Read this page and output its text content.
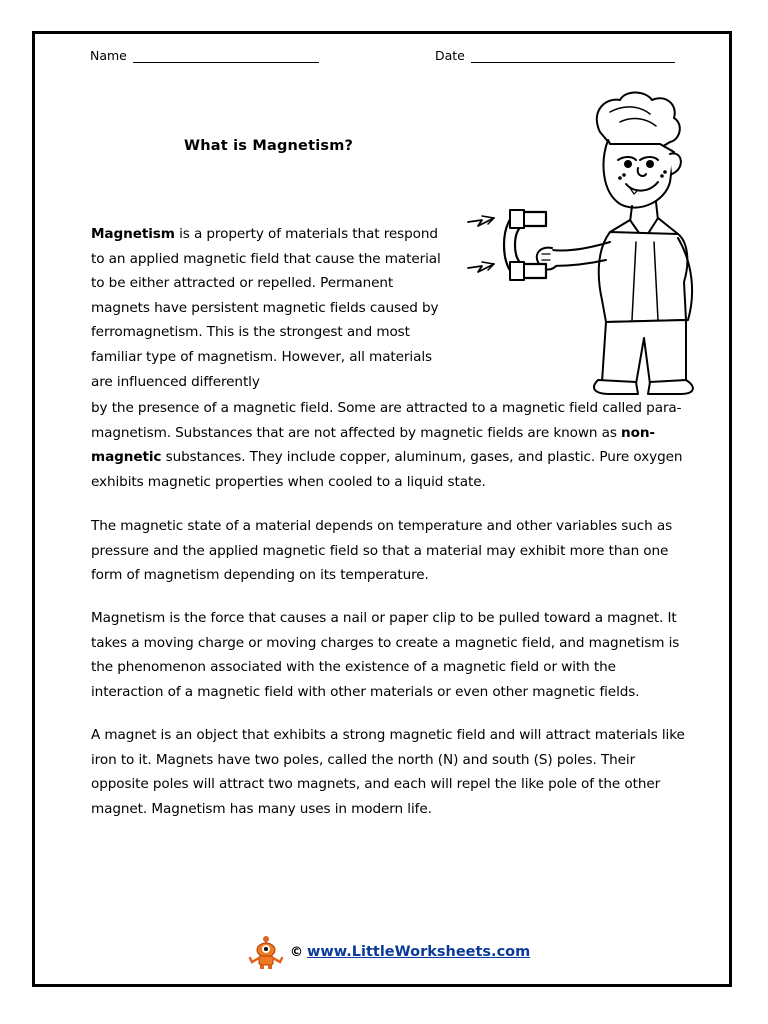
Name	Date
What is Magnetism?

Magnetism is a property of materials that respond to an applied magnetic field that cause the material to be either attracted or repelled. Permanent magnets have persistent magnetic fields caused by ferromagnetism. This is the strongest and most familiar type of magnetism. However, all materials are influenced differently

by the presence of a magnetic field. Some are attracted to a magnetic field called para-magnetism. Substances that are not affected by magnetic fields are known as non-magnetic substances. They include copper, aluminum, gases, and plastic. Pure oxygen exhibits magnetic properties when cooled to a liquid state.

The magnetic state of a material depends on temperature and other variables such as pressure and the applied magnetic field so that a material may exhibit more than one form of magnetism depending on its temperature.

Magnetism is the force that causes a nail or paper clip to be pulled toward a magnet. It takes a moving charge or moving charges to create a magnetic field, and magnetism is the phenomenon associated with the existence of a magnetic field or with the interaction of a magnetic field with other materials or even other magnetic fields.

A magnet is an object that exhibits a strong magnetic field and will attract materials like iron to it. Magnets have two poles, called the north (N) and south (S) poles. Their opposite poles will attract two magnets, and each will repel the like pole of the other magnet. Magnetism has many uses in modern life.

© www.LittleWorksheets.com
